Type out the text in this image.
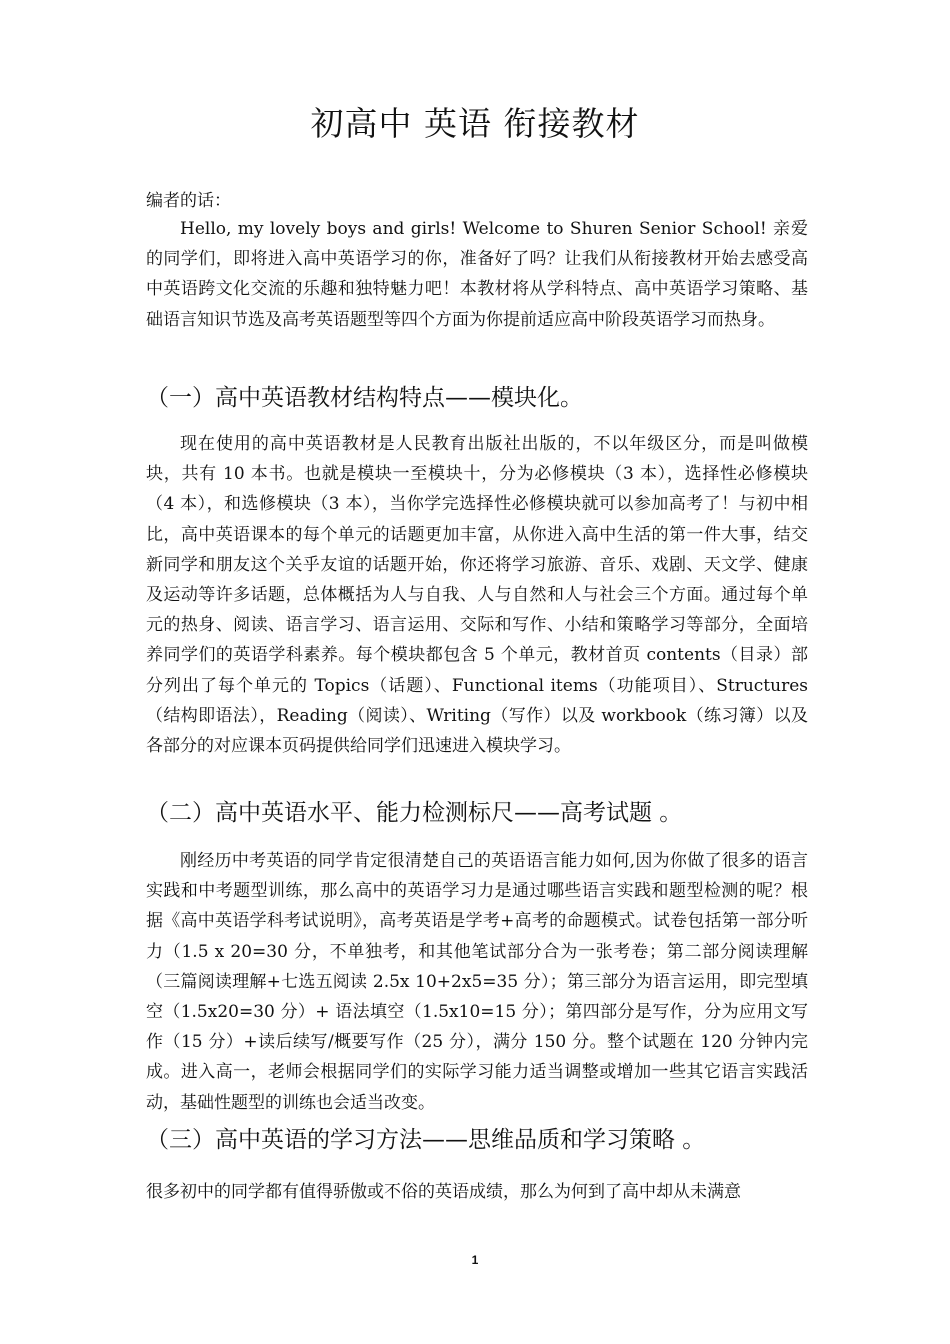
初高中 英语 衔接教材
编者的话：
Hello, my lovely boys and girls! Welcome to Shuren Senior School! 亲爱的同学们，即将进入高中英语学习的你，准备好了吗？让我们从衔接教材开始去感受高中英语跨文化交流的乐趣和独特魅力吧！本教材将从学科特点、高中英语学习策略、基础语言知识节选及高考英语题型等四个方面为你提前适应高中阶段英语学习而热身。
（一）高中英语教材结构特点——模块化。
现在使用的高中英语教材是人民教育出版社出版的，不以年级区分，而是叫做模块，共有 10 本书。也就是模块一至模块十，分为必修模块（3 本），选择性必修模块（4 本），和选修模块（3 本），当你学完选择性必修模块就可以参加高考了！与初中相比，高中英语课本的每个单元的话题更加丰富，从你进入高中生活的第一件大事，结交新同学和朋友这个关乎友谊的话题开始，你还将学习旅游、音乐、戏剧、天文学、健康及运动等许多话题，总体概括为人与自我、人与自然和人与社会三个方面。通过每个单元的热身、阅读、语言学习、语言运用、交际和写作、小结和策略学习等部分，全面培养同学们的英语学科素养。每个模块都包含 5 个单元，教材首页 contents（目录）部分列出了每个单元的 Topics（话题）、Functional items（功能项目）、Structures（结构即语法），Reading（阅读）、Writing（写作）以及 workbook（练习簿）以及各部分的对应课本页码提供给同学们迅速进入模块学习。
（二）高中英语水平、能力检测标尺——高考试题 。
刚经历中考英语的同学肯定很清楚自己的英语语言能力如何,因为你做了很多的语言实践和中考题型训练，那么高中的英语学习力是通过哪些语言实践和题型检测的呢？根据《高中英语学科考试说明》，高考英语是学考+高考的命题模式。试卷包括第一部分听力（1.5 x 20=30 分，不单独考，和其他笔试部分合为一张考卷；第二部分阅读理解 （三篇阅读理解+七选五阅读 2.5x 10+2x5=35 分）；第三部分为语言运用，即完型填空（1.5x20=30 分）+ 语法填空（1.5x10=15 分）；第四部分是写作，分为应用文写作（15 分）+读后续写/概要写作（25 分），满分 150 分。整个试题在 120 分钟内完成。进入高一，老师会根据同学们的实际学习能力适当调整或增加一些其它语言实践活动，基础性题型的训练也会适当改变。
（三）高中英语的学习方法——思维品质和学习策略 。
很多初中的同学都有值得骄傲或不俗的英语成绩，那么为何到了高中却从未满意
1
